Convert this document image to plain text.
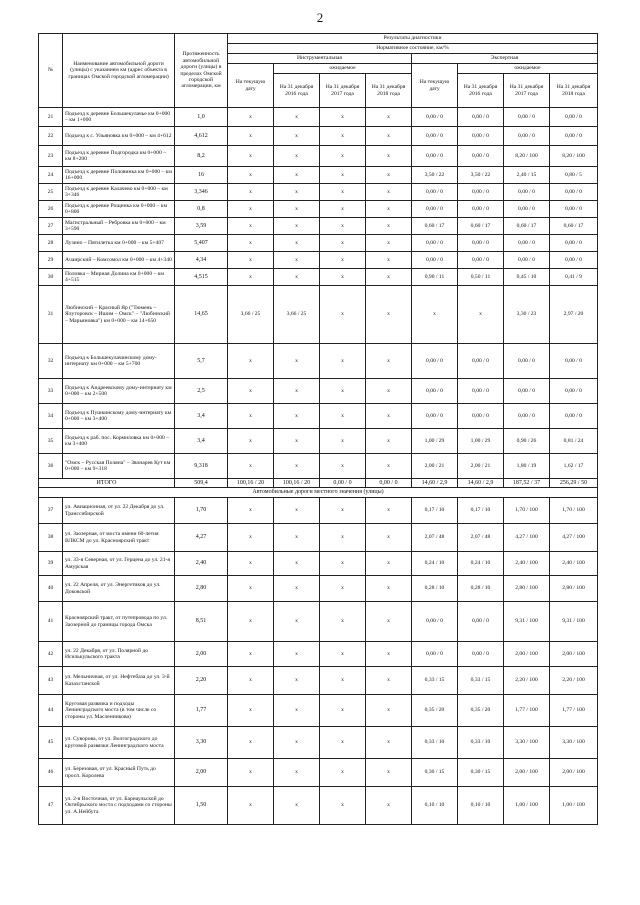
2
№	Наименование автомобильной дороги (улицы) с указанием км (адрес объекта в границах Омской городской агломерации)	Протяженность автомобильной дороги (улицы) в пределах Омской городской агломерации, км	Результаты диагностики							
			Нормативное состояние, км/%							
			Инструментальная				Экспертная			
			На текущую дату	ожидаемое			На текущую дату	ожидаемое		
				На 31 декабря 2016 года	На 31 декабря 2017 года	На 31 декабря 2018 года		На 31 декабря 2016 года	На 31 декабря 2017 года	На 31 декабря 2018 года
21	Подъезд к деревне Большекулачье км 0+000 – км 1+000	1,0	x	x	x	x	0,00 / 0	0,00 / 0	0,00 / 0	0,00 / 0
22	Подъезд к с. Ульяновка км 0+000 – км 4+612	4,612	x	x	x	x	0,00 / 0	0,00 / 0	0,00 / 0	0,00 / 0
23	Подъезд к деревне Подгородка км 0+000 – км 8+200	8,2	x	x	x	x	0,00 / 0	0,00 / 0	8,20 / 100	8,20 / 100
24	Подъезд к деревне Половинка км 0+000 – км 16+000	16	x	x	x	x	3,50 / 22	3,50 / 22	2,40 / 15	0,80 / 5
25	Подъезд к деревне Калачево км 0+000 – км 3+346	3,346	x	x	x	x	0,00 / 0	0,00 / 0	0,00 / 0	0,00 / 0
26	Подъезд к деревне Рощинка км 0+000 – км 0+800	0,8	x	x	x	x	0,00 / 0	0,00 / 0	0,00 / 0	0,00 / 0
27	Магистральный – Ребровка км 0+000 – км 3+590	3,59	x	x	x	x	0,60 / 17	0,60 / 17	0,60 / 17	0,60 / 17
28	Лузино – Пятилетка км 0+000 – км 5+407	5,407	x	x	x	x	0,00 / 0	0,00 / 0	0,00 / 0	0,00 / 0
29	Ачаирский – Комсомол км 0+000 – км 4+340	4,34	x	x	x	x	0,00 / 0	0,00 / 0	0,00 / 0	0,00 / 0
30	Половка – Мирная Долина км 0+000 – км 4+515	4,515	x	x	x	x	0,90 / 11	0,50 / 11	0,45 / 10	0,41 / 9
31	Любинский – Красный Яр ("Тюмень – Ялуторовск – Ишим – Омск" – "Любинский – Марьяновка") км 0+000 – км 14+650	14,65	3,66 / 25	3,66 / 25	x	x	x	x	3,30 / 23	2,97 / 20
32	Подъезд к Большекулачинскому дому-интернату км 0+000 – км 5+700	5,7	x	x	x	x	0,00 / 0	0,00 / 0	0,00 / 0	0,00 / 0
33	Подъезд к Андреевскому дому-интернату км 0+000 – км 2+500	2,5	x	x	x	x	0,00 / 0	0,00 / 0	0,00 / 0	0,00 / 0
34	Подъезд к Пушкинскому дому-интернату км 0+000 – км 3+400	3,4	x	x	x	x	0,00 / 0	0,00 / 0	0,00 / 0	0,00 / 0
35	Подъезд к раб. пос. Кормиловка км 0+000 – км 3+400	3,4	x	x	x	x	1,00 / 29	1,00 / 29	0,90 / 26	0,81 / 24
36	"Омск – Русская Поляна" – Звонарев Кут км 0+000 – км 9+318	9,318	x	x	x	x	2,00 / 21	2,00 / 21	1,80 / 19	1,62 / 17
ИТОГО		509,4	100,16 / 20	100,16 / 20	0,00 / 0	0,00 / 0	14,60 / 2,9	14,60 / 2,9	187,52 / 37	256,29 / 50
Автомобильные дороги местного значения (улицы)										
37	ул. Авиационная, от ул. 22 Декабря до ул. Транссибирской	1,70	x	x	x	x	0,17 / 10	0,17 / 10	1,70 / 100	1,70 / 100
38	ул. Заозерная, от моста имени 60-летия ВЛКСМ до ул. Красноярский тракт	4,27	x	x	x	x	2,07 / 48	2,07 / 48	4,27 / 100	4,27 / 100
39	ул. 33-я Северная, от ул. Герцена до ул. 21-я Амурская	2,40	x	x	x	x	0,24 / 10	0,24 / 10	2,40 / 100	2,40 / 100
40	ул. 22 Апреля, от ул. Энергетиков до ул. Доковской	2,80	x	x	x	x	0,28 / 10	0,28 / 10	2,80 / 100	2,80 / 100
41	Красноярский тракт, от путепровода по ул. Заозерной до границы города Омска	8,51	x	x	x	x	0,00 / 0	0,00 / 0	9,31 / 100	9,31 / 100
42	ул. 22 Декабря, от ул. Полярной до Исилькульского тракта	2,00	x	x	x	x	0,00 / 0	0,00 / 0	2,00 / 100	2,00 / 100
43	ул. Мельничная, от ул. Нефтебаза до ул. 3-й Казахстанской	2,20	x	x	x	x	0,33 / 15	0,33 / 15	2,20 / 100	2,20 / 100
44	Круговая развязка и подходы Ленинградского моста (в том числе со стороны ул. Масленникова)	1,77	x	x	x	x	0,35 / 20	0,35 / 20	1,77 / 100	1,77 / 100
45	ул. Суворова, от ул. Волгоградского до круговой развязки Ленинградского моста	3,30	x	x	x	x	0,33 / 10	0,33 / 10	3,30 / 100	3,30 / 100
46	ул. Березовая, от ул. Красный Путь до просп. Королева	2,00	x	x	x	x	0,30 / 15	0,30 / 15	2,00 / 100	2,00 / 100
47	ул. 2-я Восточная, от ул. Барнаульской до Октябрьского моста с подходами со стороны ул. А.Нейбута	1,50	x	x	x	x	0,10 / 10	0,10 / 10	1,00 / 100	1,00 / 100
